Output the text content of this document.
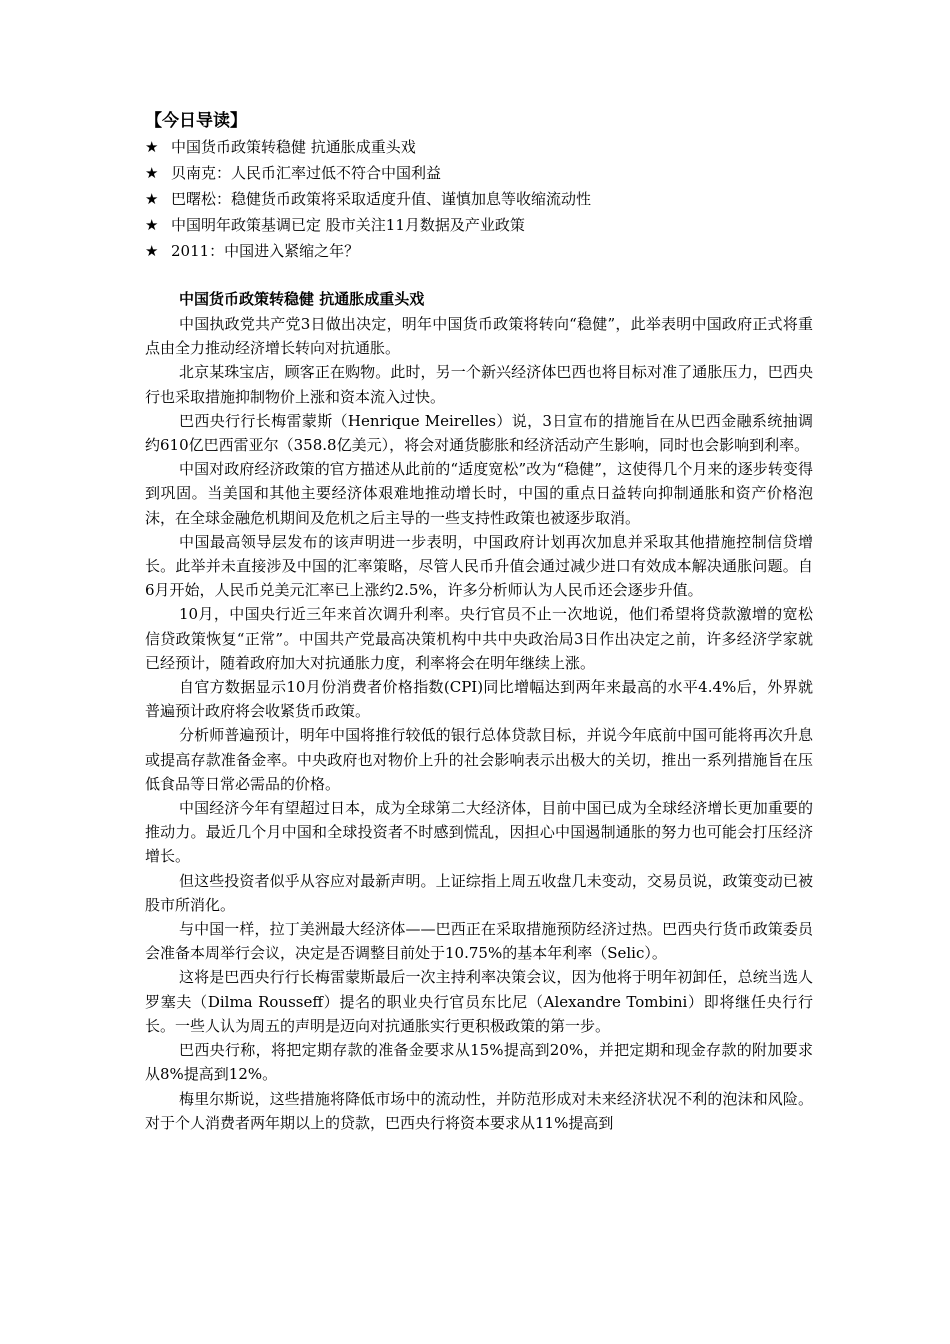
【今日导读】
★ 中国货币政策转稳健 抗通胀成重头戏
★ 贝南克：人民币汇率过低不符合中国利益
★ 巴曙松：稳健货币政策将采取适度升值、谨慎加息等收缩流动性
★ 中国明年政策基调已定 股市关注11月数据及产业政策
★ 2011：中国进入紧缩之年？
中国货币政策转稳健 抗通胀成重头戏

中国执政党共产党3日做出决定，明年中国货币政策将转向“稳健”，此举表明中国政府正式将重点由全力推动经济增长转向对抗通胀。

北京某珠宝店，顾客正在购物。此时，另一个新兴经济体巴西也将目标对准了通胀压力，巴西央行也采取措施抑制物价上涨和资本流入过快。

巴西央行行长梅雷蒙斯（Henrique Meirelles）说，3日宣布的措施旨在从巴西金融系统抽调约610亿巴西雷亚尔（358.8亿美元），将会对通货膨胀和经济活动产生影响，同时也会影响到利率。

中国对政府经济政策的官方描述从此前的“适度宽松”改为“稳健”，这使得几个月来的逐步转变得到巩固。当美国和其他主要经济体艰难地推动增长时，中国的重点日益转向抑制通胀和资产价格泡沫，在全球金融危机期间及危机之后主导的一些支持性政策也被逐步取消。

中国最高领导层发布的该声明进一步表明，中国政府计划再次加息并采取其他措施控制信贷增长。此举并未直接涉及中国的汇率策略，尽管人民币升值会通过减少进口有效成本解决通胀问题。自6月开始，人民币兑美元汇率已上涨约2.5%，许多分析师认为人民币还会逐步升值。

10月，中国央行近三年来首次调升利率。央行官员不止一次地说，他们希望将贷款激增的宽松信贷政策恢复“正常”。中国共产党最高决策机构中共中央政治局3日作出决定之前，许多经济学家就已经预计，随着政府加大对抗通胀力度，利率将会在明年继续上涨。

自官方数据显示10月份消费者价格指数(CPI)同比增幅达到两年来最高的水平4.4%后，外界就普遍预计政府将会收紧货币政策。

分析师普遍预计，明年中国将推行较低的银行总体贷款目标，并说今年底前中国可能将再次升息或提高存款准备金率。中央政府也对物价上升的社会影响表示出极大的关切，推出一系列措施旨在压低食品等日常必需品的价格。

中国经济今年有望超过日本，成为全球第二大经济体，目前中国已成为全球经济增长更加重要的推动力。最近几个月中国和全球投资者不时感到慌乱，因担心中国遏制通胀的努力也可能会打压经济增长。

但这些投资者似乎从容应对最新声明。上证综指上周五收盘几未变动，交易员说，政策变动已被股市所消化。

与中国一样，拉丁美洲最大经济体——巴西正在采取措施预防经济过热。巴西央行货币政策委员会准备本周举行会议，决定是否调整目前处于10.75%的基本年利率（Selic）。

这将是巴西央行行长梅雷蒙斯最后一次主持利率决策会议，因为他将于明年初卸任，总统当选人罗塞夫（Dilma Rousseff）提名的职业央行官员东比尼（Alexandre Tombini）即将继任央行行长。一些人认为周五的声明是迈向对抗通胀实行更积极政策的第一步。

巴西央行称，将把定期存款的准备金要求从15%提高到20%，并把定期和现金存款的附加要求从8%提高到12%。

梅里尔斯说，这些措施将降低市场中的流动性，并防范形成对未来经济状况不利的泡沫和风险。对于个人消费者两年期以上的贷款，巴西央行将资本要求从11%提高到
